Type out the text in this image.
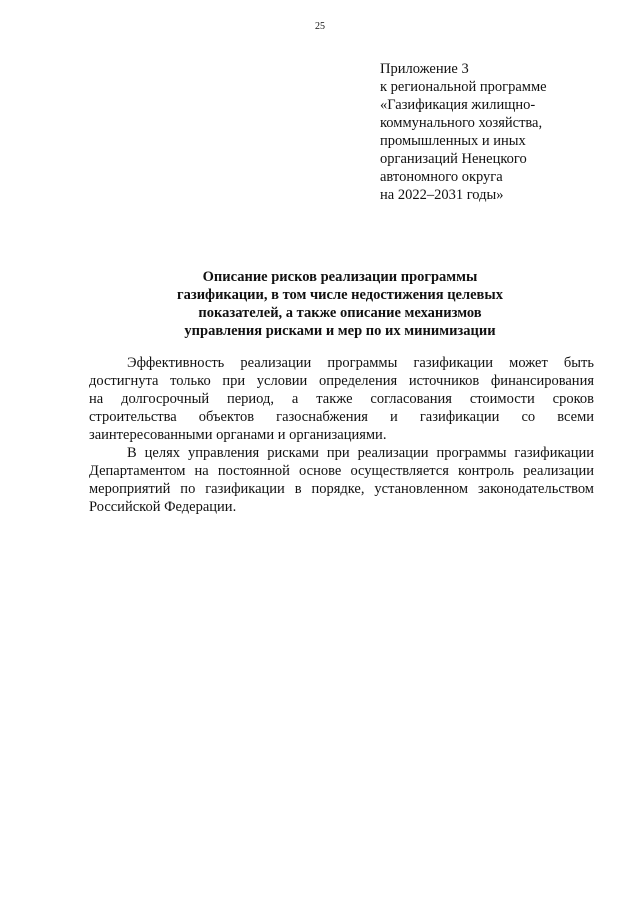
25
Приложение 3
к региональной программе
«Газификация жилищно-
коммунального хозяйства,
промышленных и иных
организаций Ненецкого
автономного округа
на 2022–2031 годы»
Описание рисков реализации программы
газификации, в том числе недостижения целевых
показателей, а также описание механизмов
управления рисками и мер по их минимизации
Эффективность реализации программы газификации может быть
достигнута только при условии определения источников финансирования
на долгосрочный период, а также согласования стоимости сроков
строительства объектов газоснабжения и газификации со всеми
заинтересованными органами и организациями.
В целях управления рисками при реализации программы газификации
Департаментом на постоянной основе осуществляется контроль реализации
мероприятий по газификации в порядке, установленном законодательством
Российской Федерации.
